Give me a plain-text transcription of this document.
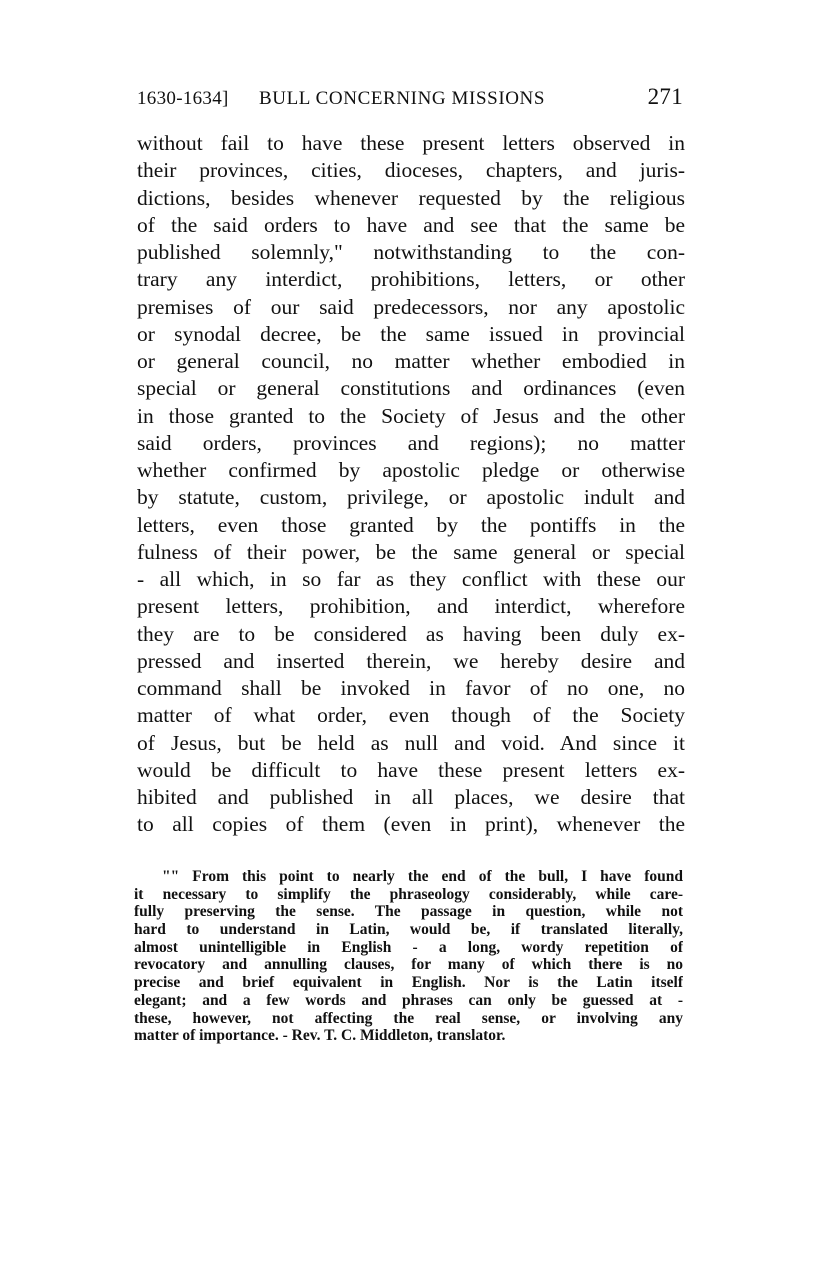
1630-1634] BULL CONCERNING MISSIONS	271
without fail to have these present letters observed in
their provinces, cities, dioceses, chapters, and juris-
dictions, besides whenever requested by the religious
of the said orders to have and see that the same be
published solemnly," notwithstanding to the con-
trary any interdict, prohibitions, letters, or other
premises of our said predecessors, nor any apostolic
or synodal decree, be the same issued in provincial
or general council, no matter whether embodied in
special or general constitutions and ordinances (even
in those granted to the Society of Jesus and the other
said orders, provinces and regions); no matter
whether confirmed by apostolic pledge or otherwise
by statute, custom, privilege, or apostolic indult and
letters, even those granted by the pontiffs in the
fulness of their power, be the same general or special
- all which, in so far as they conflict with these our
present letters, prohibition, and interdict, wherefore
they are to be considered as having been duly ex-
pressed and inserted therein, we hereby desire and
command shall be invoked in favor of no one, no
matter of what order, even though of the Society
of Jesus, but be held as null and void. And since it
would be difficult to have these present letters ex-
hibited and published in all places, we desire that
to all copies of them (even in print), whenever the
"" From this point to nearly the end of the bull, I have found
it necessary to simplify the phraseology considerably, while care-
fully preserving the sense. The passage in question, while not
hard to understand in Latin, would be, if translated literally,
almost unintelligible in English - a long, wordy repetition of
revocatory and annulling clauses, for many of which there is no
precise and brief equivalent in English. Nor is the Latin itself
elegant; and a few words and phrases can only be guessed at -
these, however, not affecting the real sense, or involving any
matter of importance. - Rev. T. C. Middleton, translator.
